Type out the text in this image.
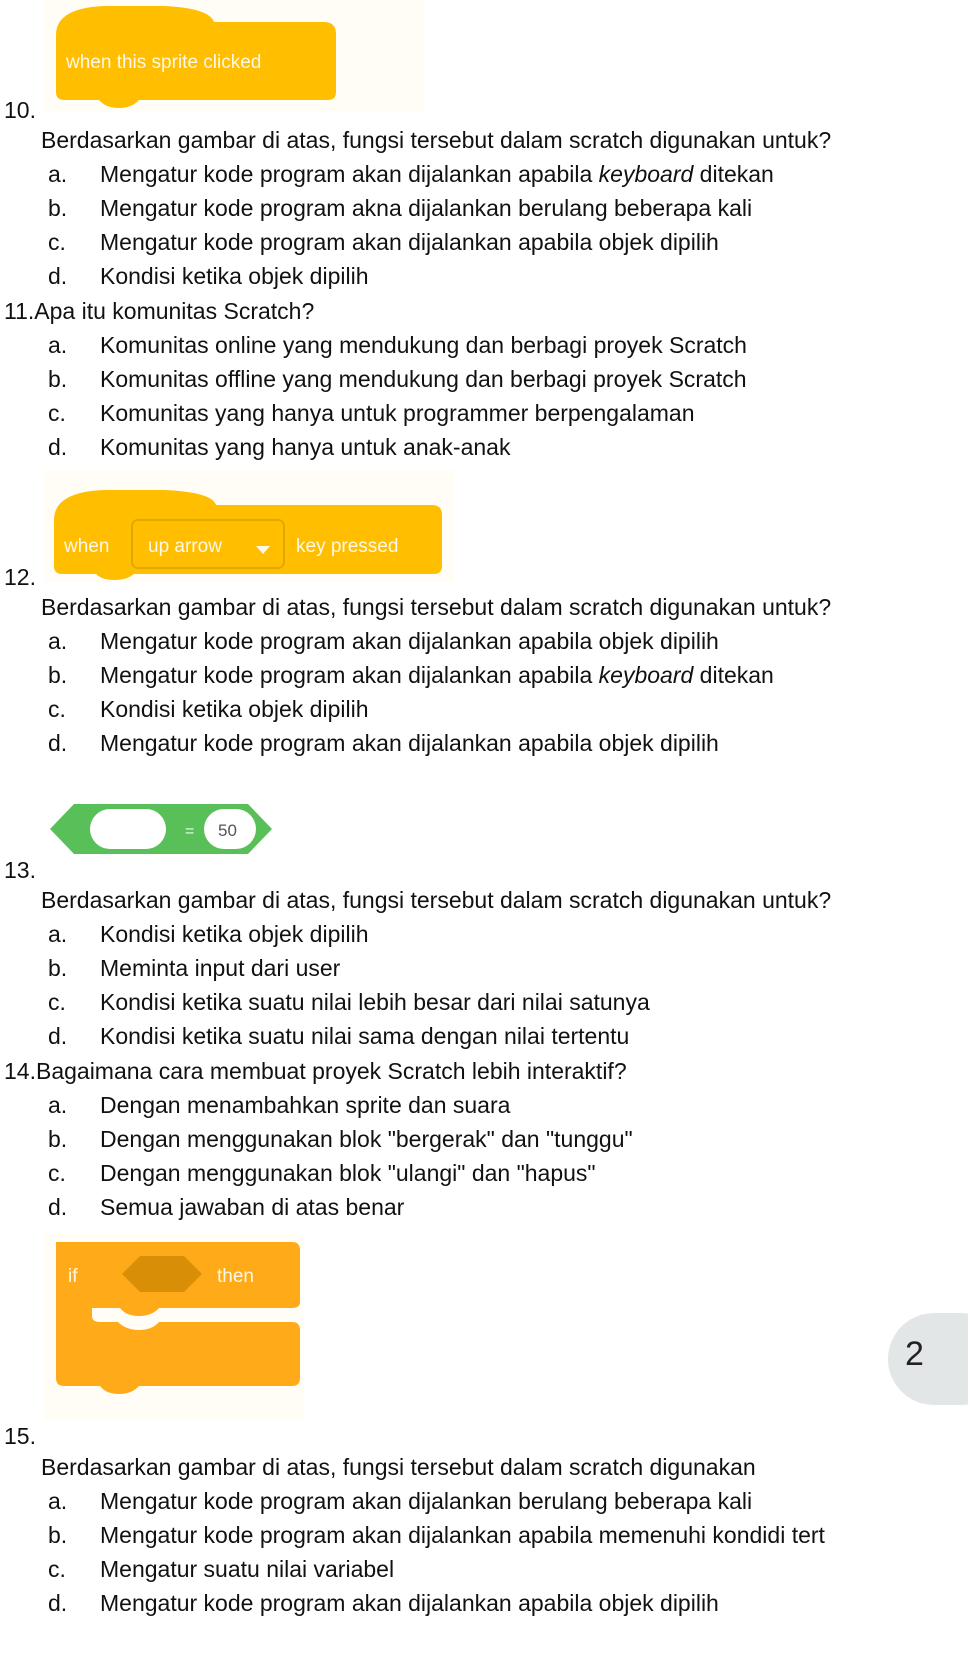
when this sprite clicked
when up arrow	key pressed
= 50
if	then
10.
Berdasarkan gambar di atas, fungsi tersebut dalam scratch digunakan untuk?
a. Mengatur kode program akan dijalankan apabila keyboard ditekan
b. Mengatur kode program akna dijalankan berulang beberapa kali
c. Mengatur kode program akan dijalankan apabila objek dipilih
d. Kondisi ketika objek dipilih
11.Apa itu komunitas Scratch?
a. Komunitas online yang mendukung dan berbagi proyek Scratch
b. Komunitas offline yang mendukung dan berbagi proyek Scratch
c. Komunitas yang hanya untuk programmer berpengalaman
d. Komunitas yang hanya untuk anak-anak
12.
Berdasarkan gambar di atas, fungsi tersebut dalam scratch digunakan untuk?
a. Mengatur kode program akan dijalankan apabila objek dipilih
b. Mengatur kode program akan dijalankan apabila keyboard ditekan
c. Kondisi ketika objek dipilih
d. Mengatur kode program akan dijalankan apabila objek dipilih
13.
Berdasarkan gambar di atas, fungsi tersebut dalam scratch digunakan untuk?
a. Kondisi ketika objek dipilih
b. Meminta input dari user
c. Kondisi ketika suatu nilai lebih besar dari nilai satunya
d. Kondisi ketika suatu nilai sama dengan nilai tertentu
14.Bagaimana cara membuat proyek Scratch lebih interaktif?
a. Dengan menambahkan sprite dan suara
b. Dengan menggunakan blok "bergerak" dan "tunggu"
c. Dengan menggunakan blok "ulangi" dan "hapus"
d. Semua jawaban di atas benar
15.
Berdasarkan gambar di atas, fungsi tersebut dalam scratch digunakan
a. Mengatur kode program akan dijalankan berulang beberapa kali
b. Mengatur kode program akan dijalankan apabila memenuhi kondidi tert
c. Mengatur suatu nilai variabel
d. Mengatur kode program akan dijalankan apabila objek dipilih
2
